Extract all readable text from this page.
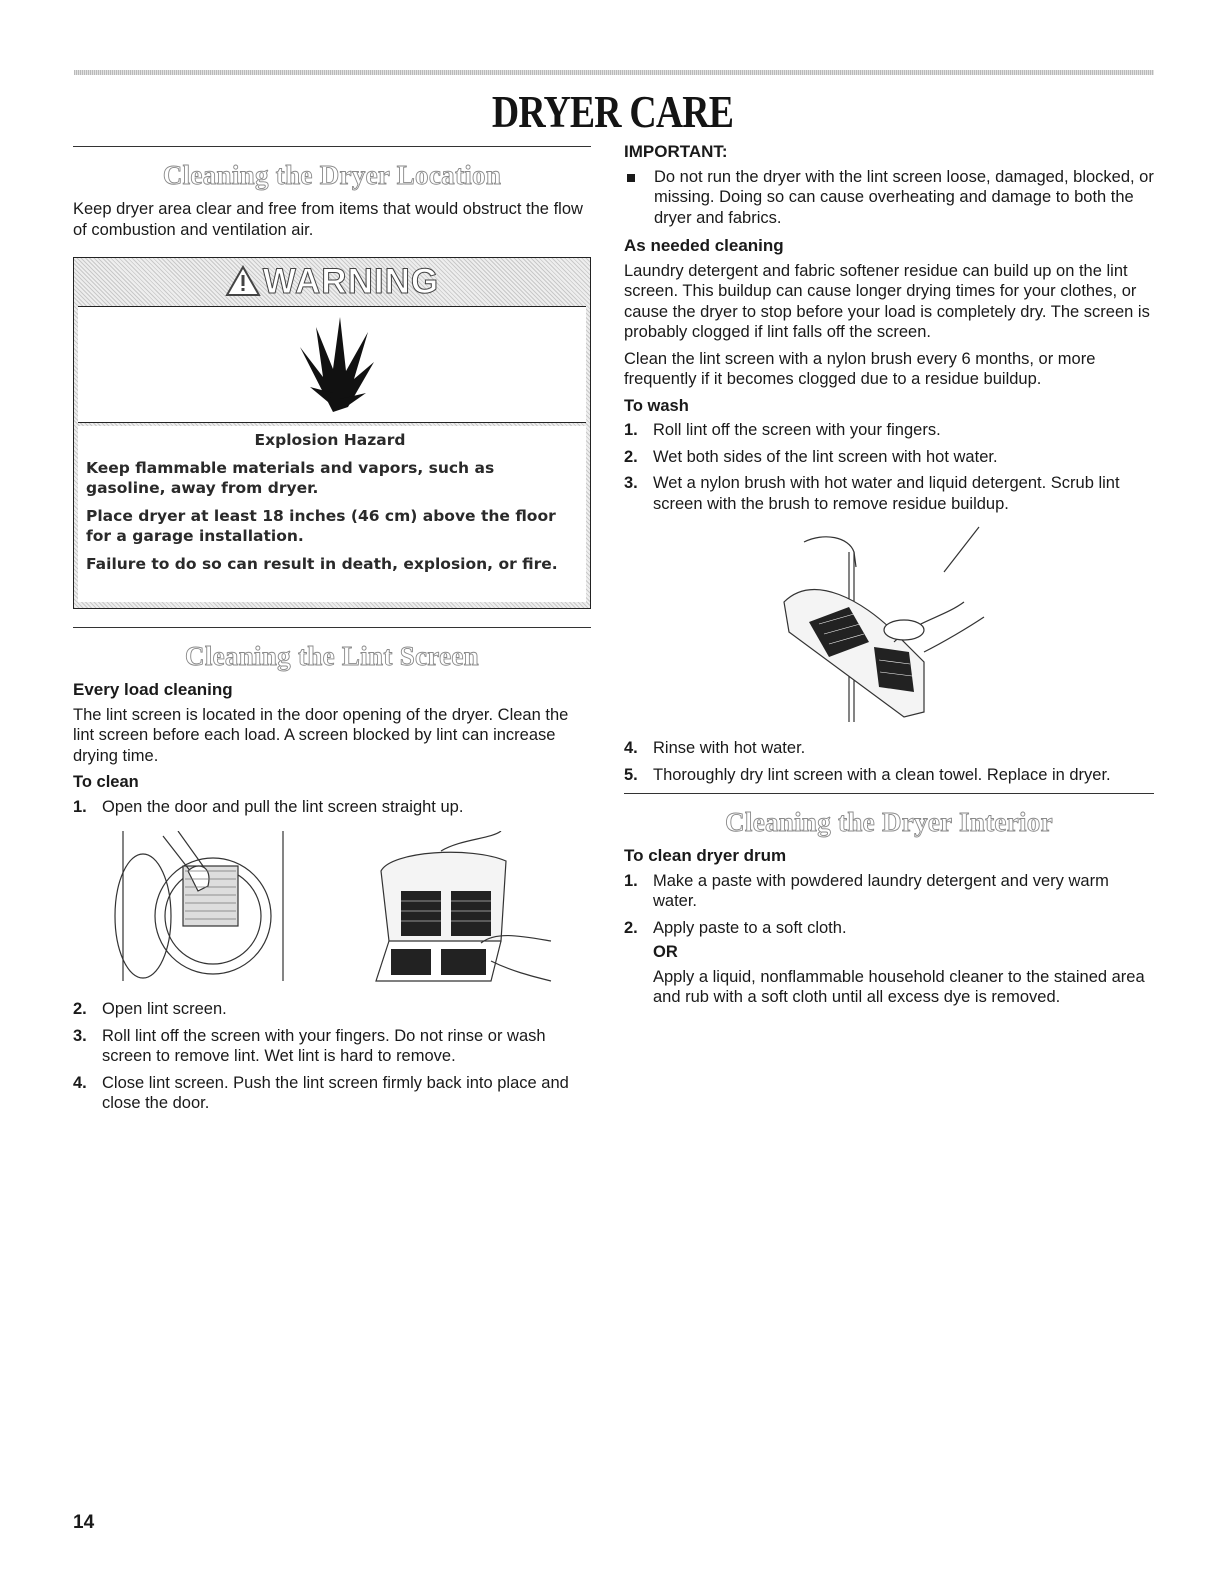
DRYER CARE
Cleaning the Dryer Location

Keep dryer area clear and free from items that would obstruct the flow of combustion and ventilation air.

WARNING

Explosion Hazard

Keep flammable materials and vapors, such as gasoline, away from dryer.

Place dryer at least 18 inches (46 cm) above the floor for a garage installation.

Failure to do so can result in death, explosion, or fire.

Cleaning the Lint Screen
Every load cleaning

The lint screen is located in the door opening of the dryer. Clean the lint screen before each load. A screen blocked by lint can increase drying time.

To clean
1. Open the door and pull the lint screen straight up.
2. Open lint screen.
3. Roll lint off the screen with your fingers. Do not rinse or wash screen to remove lint. Wet lint is hard to remove.
4. Close lint screen. Push the lint screen firmly back into place and close the door.
IMPORTANT:
Do not run the dryer with the lint screen loose, damaged, blocked, or missing. Doing so can cause overheating and damage to both the dryer and fabrics.
As needed cleaning

Laundry detergent and fabric softener residue can build up on the lint screen. This buildup can cause longer drying times for your clothes, or cause the dryer to stop before your load is completely dry. The screen is probably clogged if lint falls off the screen.

Clean the lint screen with a nylon brush every 6 months, or more frequently if it becomes clogged due to a residue buildup.

To wash
1. Roll lint off the screen with your fingers.
2. Wet both sides of the lint screen with hot water.
3. Wet a nylon brush with hot water and liquid detergent. Scrub lint screen with the brush to remove residue buildup.
4. Rinse with hot water.
5. Thoroughly dry lint screen with a clean towel. Replace in dryer.
Cleaning the Dryer Interior
To clean dryer drum
1. Make a paste with powdered laundry detergent and very warm water.
2. Apply paste to a soft cloth.
OR

Apply a liquid, nonflammable household cleaner to the stained area and rub with a soft cloth until all excess dye is removed.

14
